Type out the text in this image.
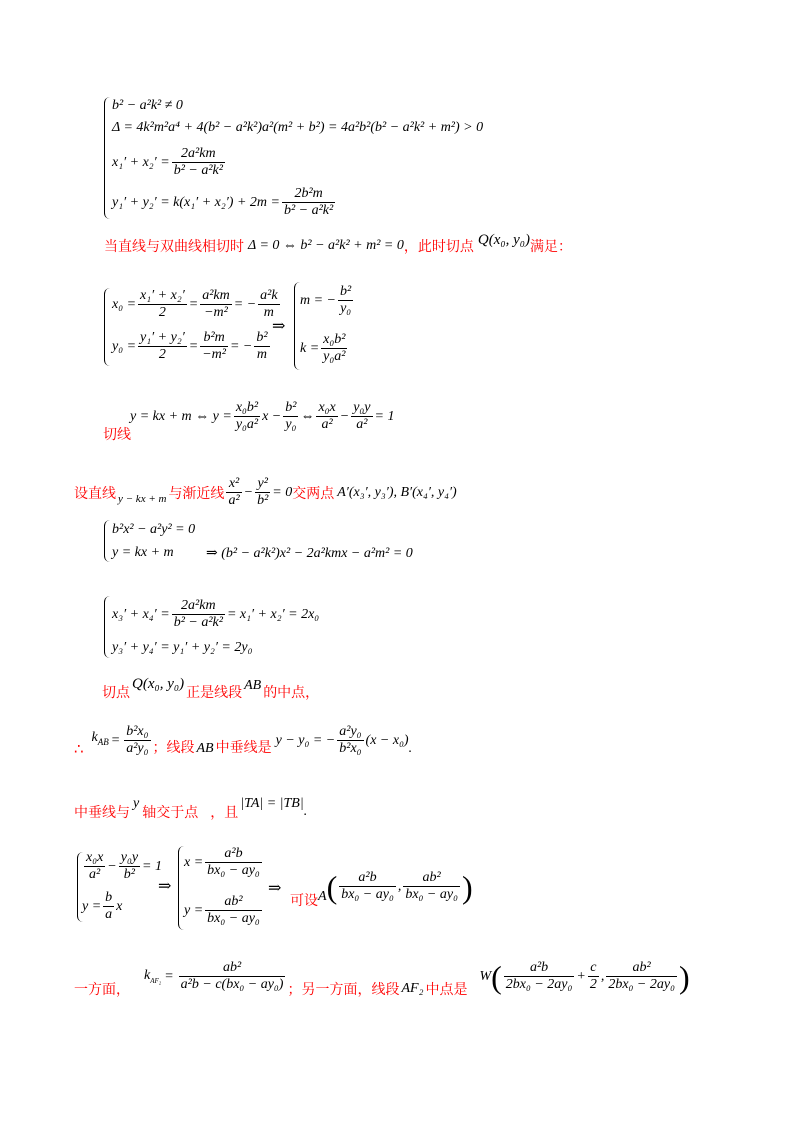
b² − a²k² ≠ 0
Δ = 4k²m²a⁴ + 4(b² − a²k²)a²(m² + b²) = 4a²b²(b² − a²k² + m²) > 0
$x_1' + x_2' = \frac{\text{2a²km}}{\text{b² − a²k²}}$
$y_1' + y_2' = k(x_1' + x_2') + 2m = \frac{\text{2b²m}}{\text{b² − a²k²}}$
当直线与双曲线相切时 Δ = 0 ⇔ b² − a²k² + m² = 0 ，此时切点 Q(x₀, y₀) 满足：
$x_0 = \frac{\text{x₁′ + x₂′}}{2} = \frac{\text{a²km}}{\text{−m²}}$ = − $\frac{\text{a²k}}{m}$
$y_0 = \frac{\text{y₁′ + y₂′}}{2} = \frac{\text{b²m}}{\text{−m²}}$ = − $\frac{\text{b²}}{m}$
⇒
m = − $\frac{\text{b²}}{\text{y₀}}$
$k = \frac{\text{x₀b²}}{\text{y₀a²}}$
切线
y = kx + m ⇔ $y = \frac{\text{x₀b²}}{\text{y₀a²}}$ $x - \frac{\text{b²}}{\text{y₀}}$ ⇔ $\frac{\text{x₀x}}{\text{a²}} - \frac{\text{y₀y}}{\text{a²}} = 1$
设直线 y − kx + m 与渐近线 $\frac{\text{x²}}{\text{a²}} - \frac{\text{y²}}{\text{b²}} = 0$ 交两点 A′(x₃′, y₃′), B′(x₄′, y₄′)
b²x² − a²y² = 0
y = kx + m ⇒ (b² − a²k²)x² − 2a²kmx − a²m² = 0
$x_3' + x_4' = \frac{\text{2a²km}}{\text{b² − a²k²}} = x_1' + x_2' = 2x_0$
y₃′ + y₄′ = y₁′ + y₂′ = 2y₀
切点
Q(x₀, y₀)
正是线段 AB 的中点，
∴
$k_{AB} = \frac{\text{b²x₀}}{\text{a²y₀}}$ ；线段 AB 中垂线是 y − y₀ = − $\frac{\text{a²y₀}}{\text{b²x₀}} (x - x_0)$
.
中垂线与
y
轴交于点 ，且
|TA| = |TB|
.
$\frac{\text{x₀x}}{\text{a²}} - \frac{\text{y₀y}}{\text{b²}} = 1$
$y = \frac{b}{a}$ x
⇒
$x = \frac{\text{a²b}}{\text{bx₀ − ay₀}}$
$y = \frac{\text{ab²}}{\text{bx₀ − ay₀}}$
⇒
可设 A ( $\frac{\text{a²b}}{\text{bx₀ − ay₀}}$ , $\frac{\text{ab²}}{\text{bx₀ − ay₀}}$ )
一方面，
$k_{AF_2} = \frac{\text{ab²}}{\text{a²b − c(bx₀ − ay₀)}}$ ；另一方面，线段 AF₂ 中点是
W ( $\frac{\text{a²b}}{\text{2bx₀ − 2ay₀}} + \frac{c}{2}$ , $\frac{\text{ab²}}{\text{2bx₀ − 2ay₀}}$ )
